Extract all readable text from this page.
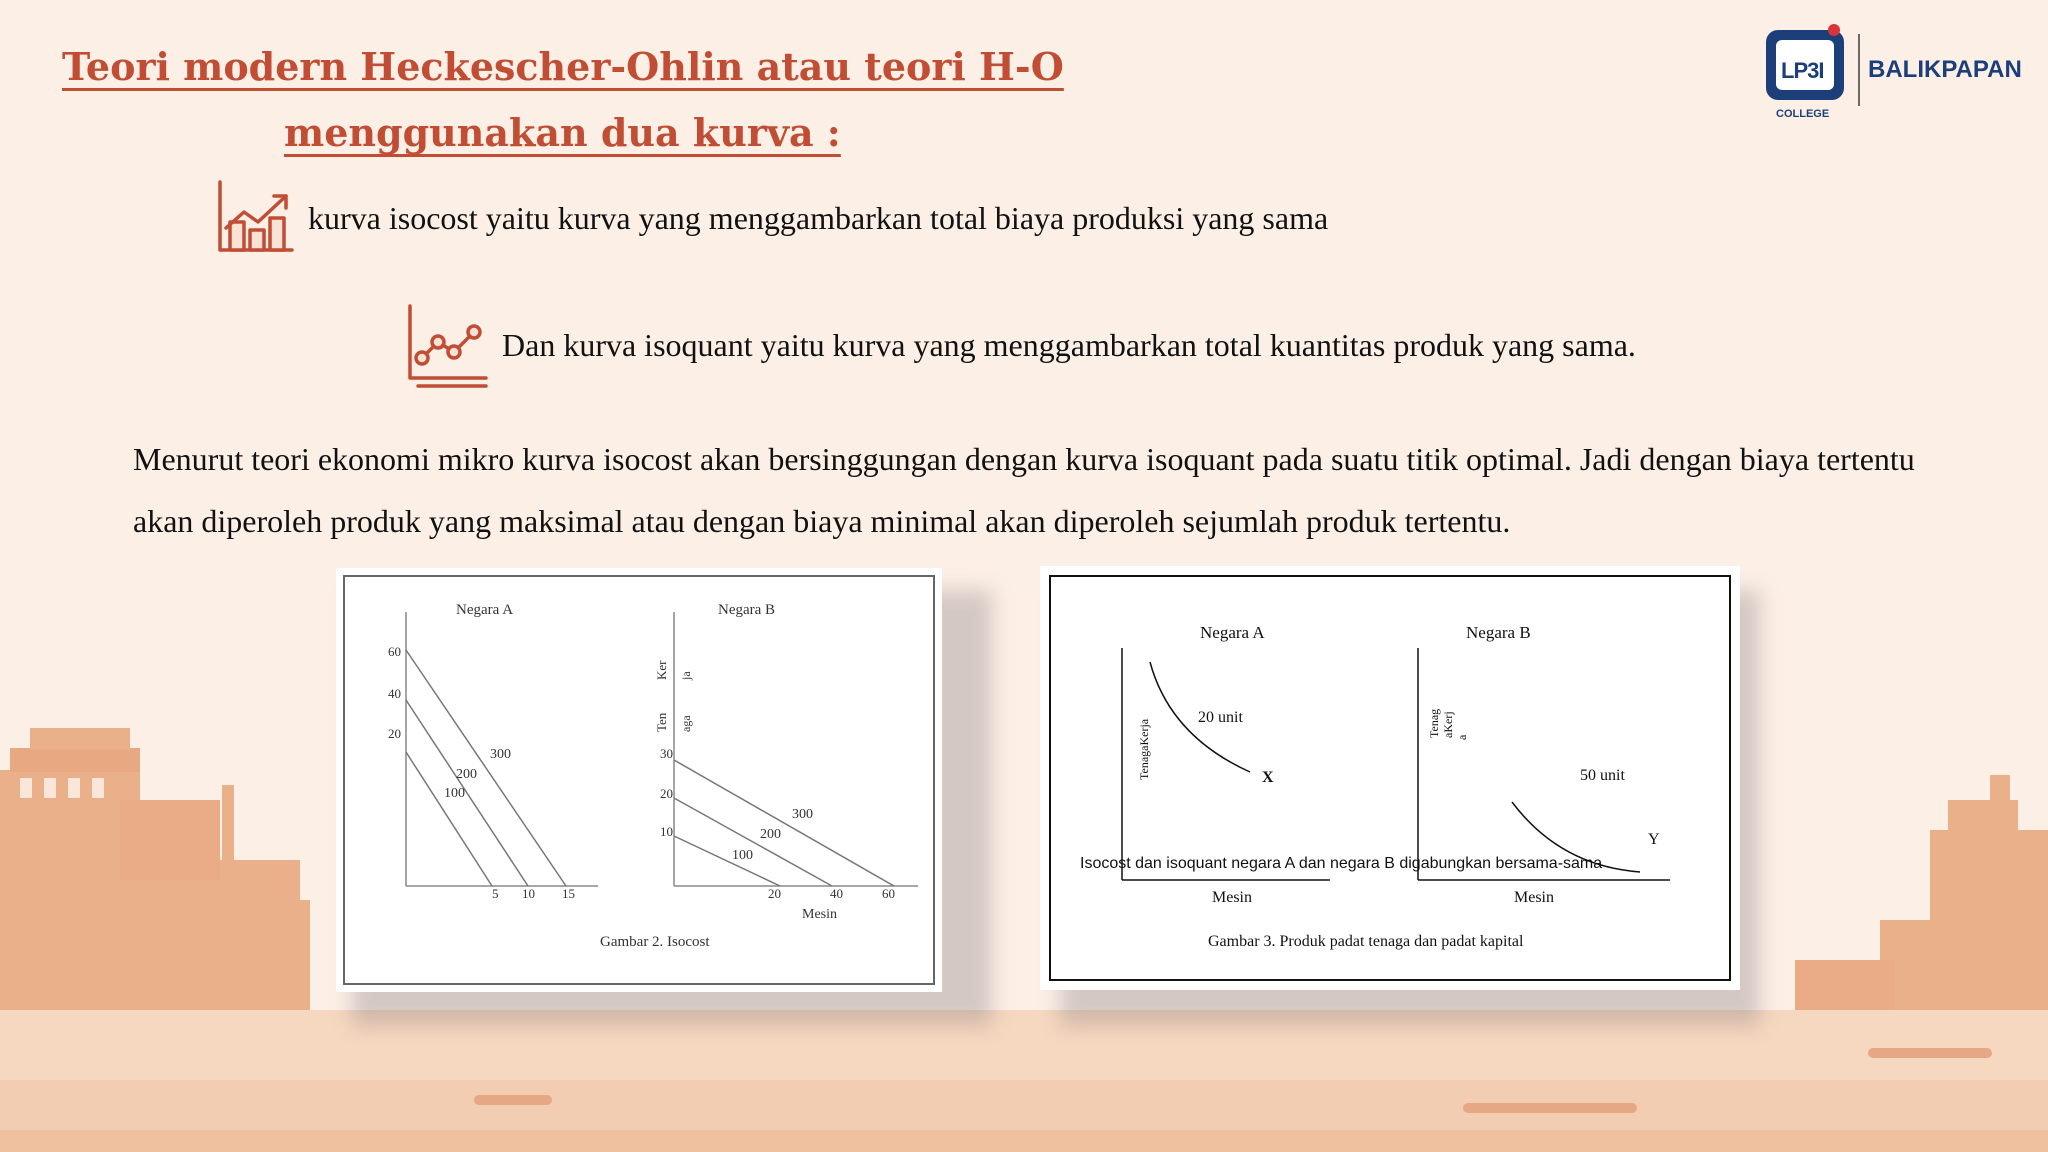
Teori modern Heckescher-Ohlin atau teori H-O
menggunakan dua kurva :
LP3I
COLLEGE
BALIKPAPAN
kurva isocost yaitu kurva yang menggambarkan total biaya produksi yang sama
Dan kurva isoquant yaitu kurva yang menggambarkan total kuantitas produk yang sama.

Menurut teori ekonomi mikro kurva isocost akan bersinggungan dengan kurva isoquant pada suatu titik optimal. Jadi dengan biaya tertentu akan diperoleh produk yang maksimal atau dengan biaya minimal akan diperoleh sejumlah produk tertentu.

Negara A
60
40
20
5 10 15
300
200
100
Negara B
Ten aga
Ker ja
30
20
10
20	40	60
Mesin
300
200
100
Gambar 2. Isocost
Negara A
TenagaKerja
20 unit
X
Mesin
Negara B
Tenag aKerj a
50 unit
Y
Mesin
Isocost dan isoquant negara A dan negara B digabungkan bersama-sama
Gambar 3. Produk padat tenaga dan padat kapital
